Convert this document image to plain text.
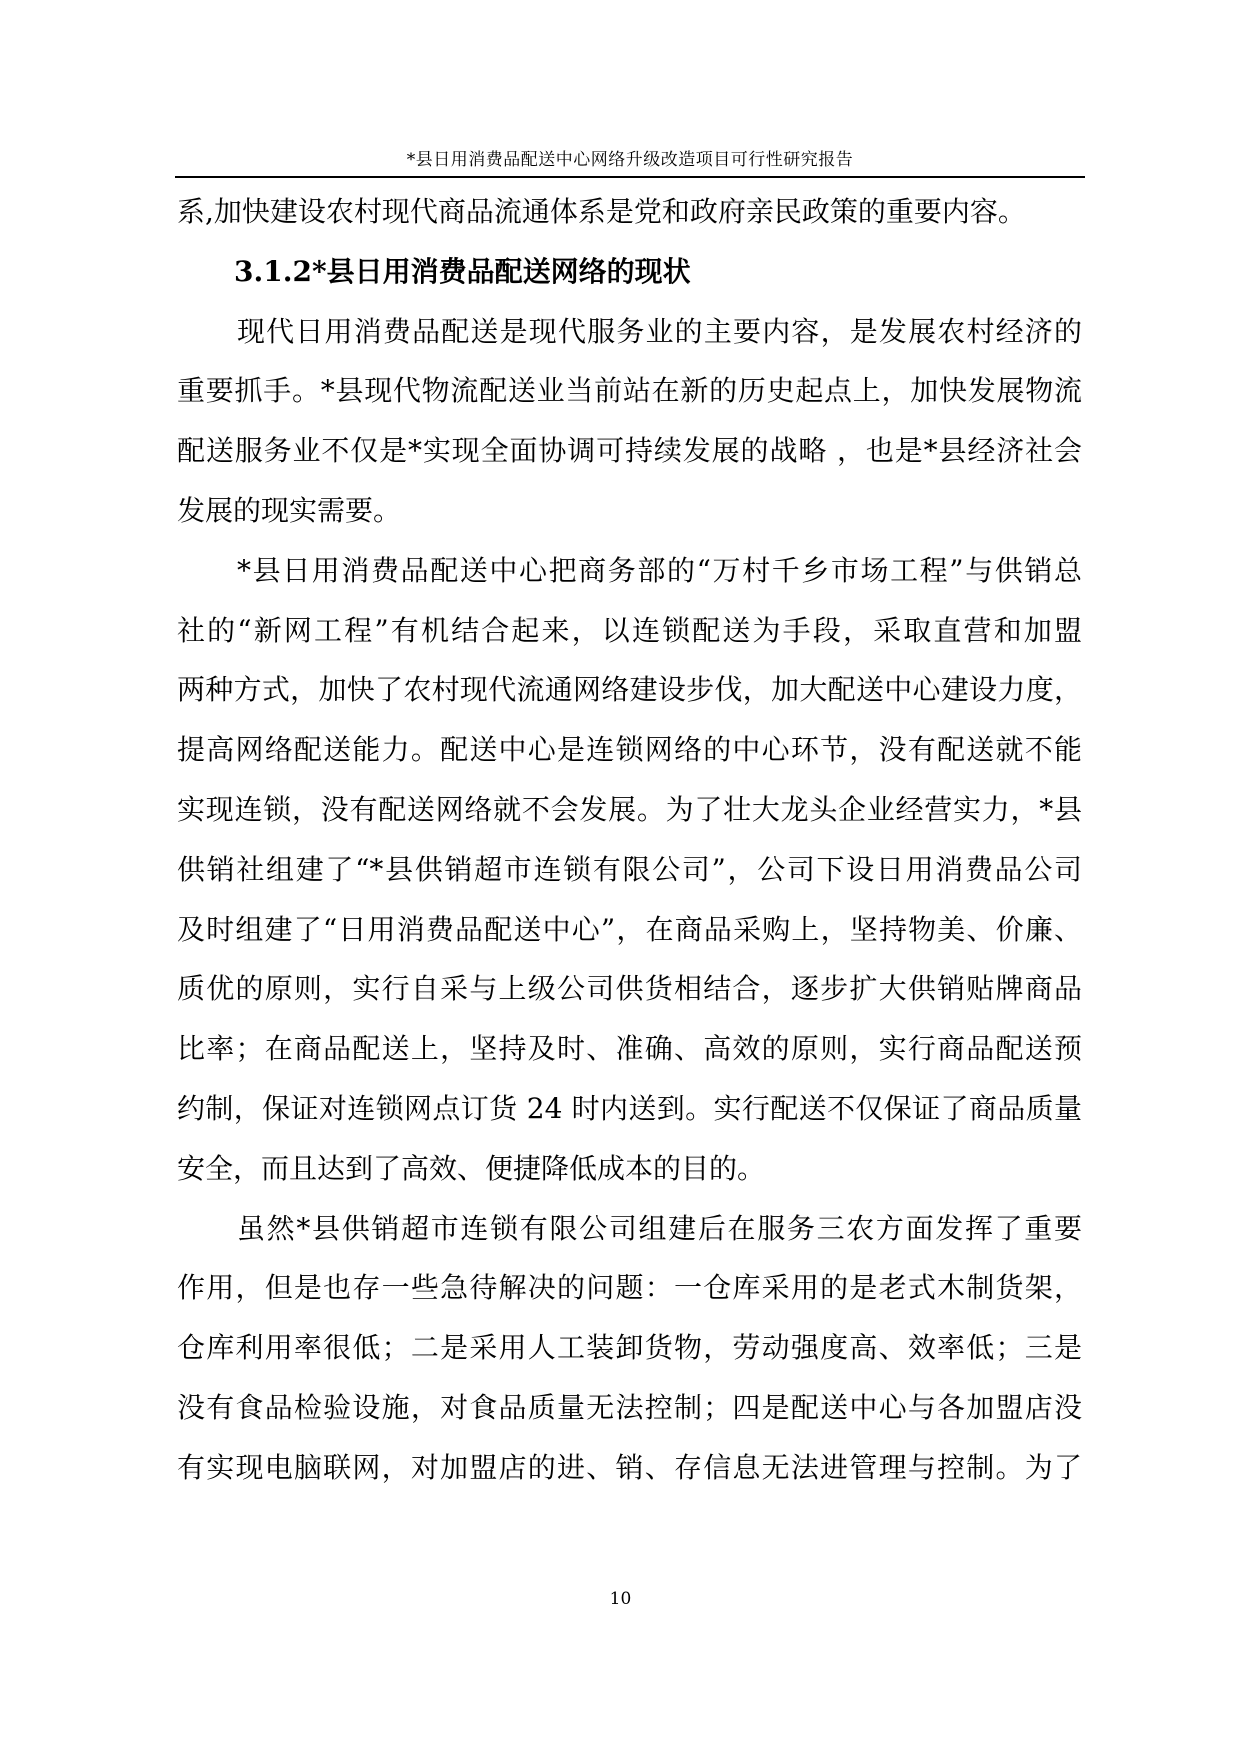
*县日用消费品配送中心网络升级改造项目可行性研究报告
系,加快建设农村现代商品流通体系是党和政府亲民政策的重要内容。
3.1.2*县日用消费品配送网络的现状
现代日用消费品配送是现代服务业的主要内容，是发展农村经济的
重要抓手。*县现代物流配送业当前站在新的历史起点上，加快发展物流
配送服务业不仅是*实现全面协调可持续发展的战略 ，也是*县经济社会
发展的现实需要。
*县日用消费品配送中心把商务部的“万村千乡市场工程”与供销总
社的“新网工程”有机结合起来，以连锁配送为手段，采取直营和加盟
两种方式，加快了农村现代流通网络建设步伐，加大配送中心建设力度，
提高网络配送能力。配送中心是连锁网络的中心环节，没有配送就不能
实现连锁，没有配送网络就不会发展。为了壮大龙头企业经营实力，*县
供销社组建了“*县供销超市连锁有限公司”，公司下设日用消费品公司
及时组建了“日用消费品配送中心”，在商品采购上，坚持物美、价廉、
质优的原则，实行自采与上级公司供货相结合，逐步扩大供销贴牌商品
比率；在商品配送上，坚持及时、准确、高效的原则，实行商品配送预
约制，保证对连锁网点订货 24 时内送到。实行配送不仅保证了商品质量
安全，而且达到了高效、便捷降低成本的目的。
虽然*县供销超市连锁有限公司组建后在服务三农方面发挥了重要
作用，但是也存一些急待解决的问题：一仓库采用的是老式木制货架，
仓库利用率很低；二是采用人工装卸货物，劳动强度高、效率低；三是
没有食品检验设施，对食品质量无法控制；四是配送中心与各加盟店没
有实现电脑联网，对加盟店的进、销、存信息无法进管理与控制。为了
10
